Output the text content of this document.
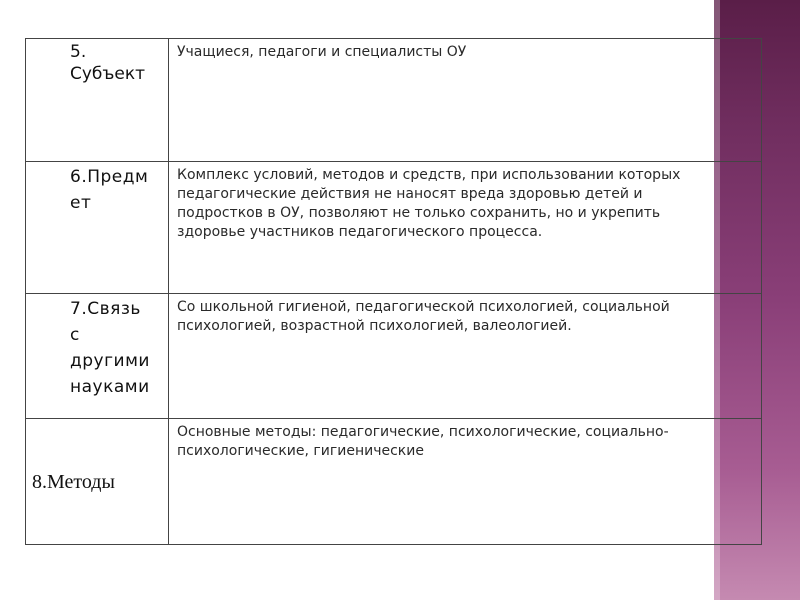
5.
Субъект	Учащиеся, педагоги и специалисты ОУ

6.Предм
ет	Комплекс условий, методов и средств, при использовании которых
педагогические действия не наносят вреда здоровью детей и
подростков в ОУ, позволяют не только сохранить, но и укрепить
здоровье участников педагогического процесса.

7.Связь
с
другими
науками	Со школьной гигиеной, педагогической психологией, социальной
психологией, возрастной психологией, валеологией.

8.Методы	Основные методы: педагогические, психологические, социально-
психологические, гигиенические
